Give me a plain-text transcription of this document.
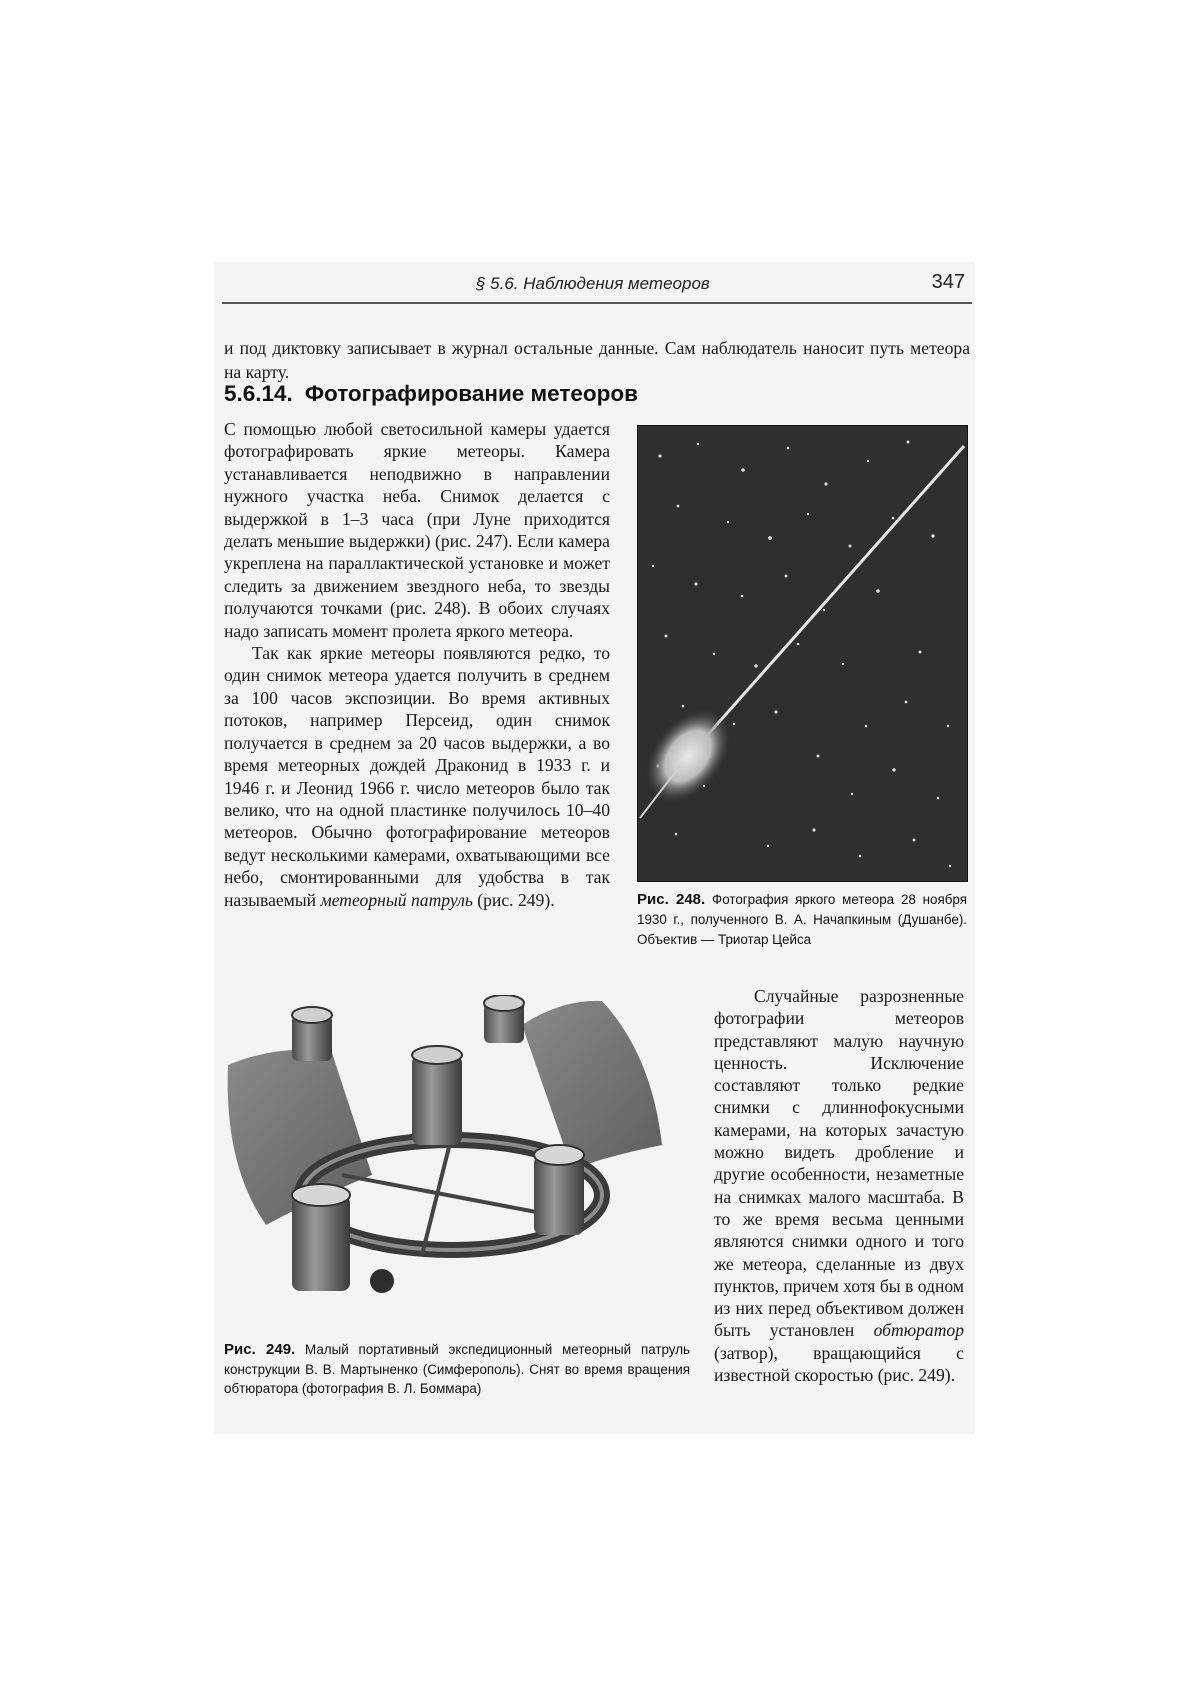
§ 5.6. Наблюдения метеоров	347

и под диктовку записывает в журнал остальные данные. Сам наблюдатель наносит путь метеора на карту.

5.6.14. Фотографирование метеоров

С помощью любой светосильной камеры удается фотографировать яркие метеоры. Камера устанавливается неподвижно в направлении нужного участка неба. Снимок делается с выдержкой в 1–3 часа (при Луне приходится делать меньшие выдержки) (рис. 247). Если камера укреплена на параллактической установке и может следить за движением звездного неба, то звезды получаются точками (рис. 248). В обоих случаях надо записать момент пролета яркого метеора.

Так как яркие метеоры появляются редко, то один снимок метеора удается получить в среднем за 100 часов экспозиции. Во время активных потоков, например Персеид, один снимок получается в среднем за 20 часов выдержки, а во время метеорных дождей Драконид в 1933 г. и 1946 г. и Леонид 1966 г. число метеоров было так велико, что на одной пластинке получилось 10–40 метеоров. Обычно фотографирование метеоров ведут несколькими камерами, охватывающими все небо, смонтированными для удобства в так называемый метеорный патруль (рис. 249).	Рис. 248. Фотография яркого метеора 28 ноября 1930 г., полученного В. А. Начапкиным (Душанбе). Объектив — Триотар Цейса

Случайные разрозненные фотографии метеоров представляют малую научную ценность. Исключение составляют только редкие снимки с длиннофокусными камерами, на которых зачастую можно видеть дробление и другие особенности, незаметные на снимках малого масштаба. В то же время весьма ценными являются снимки одного и того же метеора, сделанные из двух пунктов, причем хотя бы в одном из них перед объективом должен быть установлен обтюратор (затвор), вращающийся с известной скоростью (рис. 249).

Рис. 249. Малый портативный экспедиционный метеорный патруль конструкции В. В. Мартыненко (Симферополь). Снят во время вращения обтюратора (фотография В. Л. Боммара)
